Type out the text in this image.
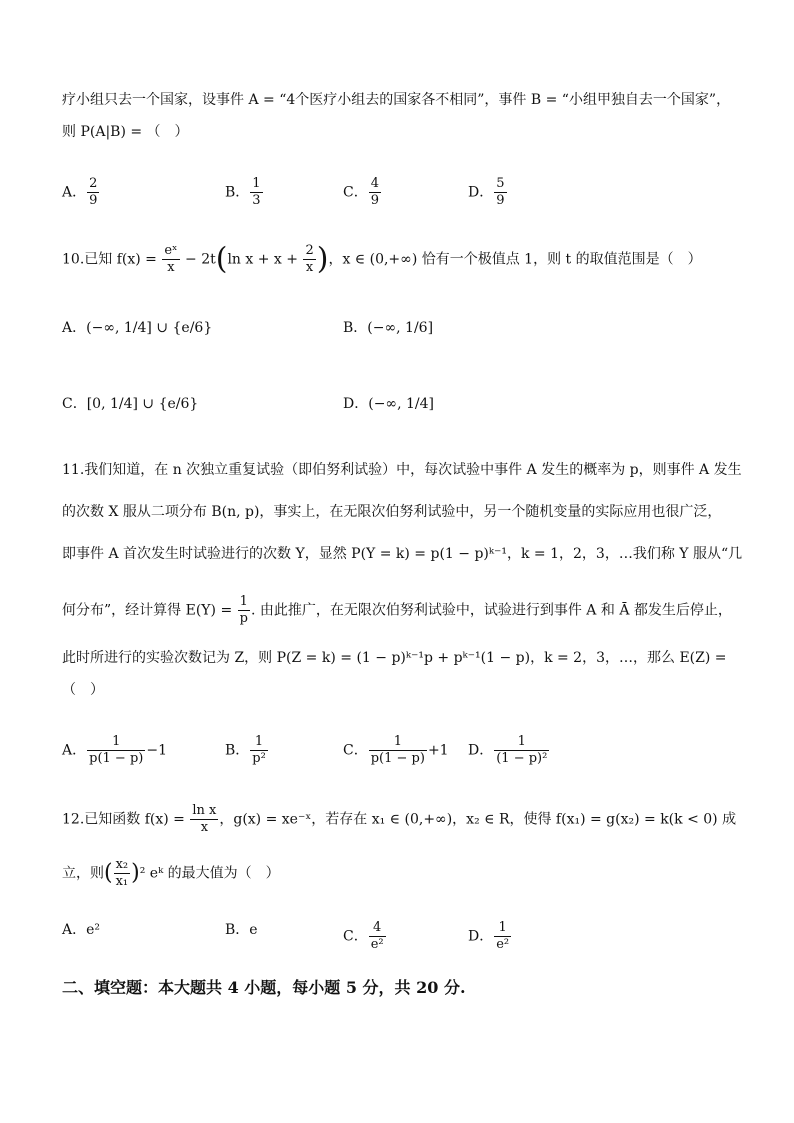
疗小组只去一个国家，设事件 A = “4个医疗小组去的国家各不相同”，事件 B = “小组甲独自去一个国家”，
则 P(A|B) = （　）
A． $\frac{2}{9}$	B． $\frac{1}{3}$	C． $\frac{4}{9}$	D． $\frac{5}{9}$
10.已知 $f(x) = \frac{\text{eˣ}}{x} - 2t(\ln$ $x + x + \frac{2}{x}$ )，x ∈ (0,+∞) 恰有一个极值点 1，则 t 的取值范围是（　）
A．(−∞, 1/4] ∪ {e/6}	B．(−∞, 1/6]
C．[0, 1/4] ∪ {e/6}	D．(−∞, 1/4]
11.我们知道，在 n 次独立重复试验（即伯努利试验）中，每次试验中事件 A 发生的概率为 p，则事件 A 发生
的次数 X 服从二项分布 B(n, p)，事实上，在无限次伯努利试验中，另一个随机变量的实际应用也很广泛，
即事件 A 首次发生时试验进行的次数 Y，显然 P(Y = k) = p(1 − p)ᵏ⁻¹，k = 1，2，3，…我们称 Y 服从“几
何分布”，经计算得 $E(Y) = \frac{1}{p}$ . 由此推广，在无限次伯努利试验中，试验进行到事件 A 和 Ā 都发生后停止，
此时所进行的实验次数记为 Z，则 P(Z = k) = (1 − p)ᵏ⁻¹p + pᵏ⁻¹(1 − p)，k = 2，3，…，那么 E(Z) =
（　）
A． $\frac{1}{p(1 - p)} -1$	B． $\frac{1}{\text{p²}}$	C． $\frac{1}{p(1 - p)} +1$ D． $\frac{1}{\text{(1 − p)²}}$
12.已知函数 $f(x) = \frac{\text{ln x}}{x}$ ，g(x) = xe⁻ˣ，若存在 x₁ ∈ (0,+∞)，x₂ ∈ R，使得 f(x₁) = g(x₂) = k(k < 0) 成
立，则( $\frac{\text{x₂}}{\text{x₁}} )^2$ eᵏ 的最大值为（　）
A．e²	B．e	C． $\frac{4}{\text{e²}}$	D． $\frac{1}{\text{e²}}$
二、填空题：本大题共 4 小题，每小题 5 分，共 20 分.
